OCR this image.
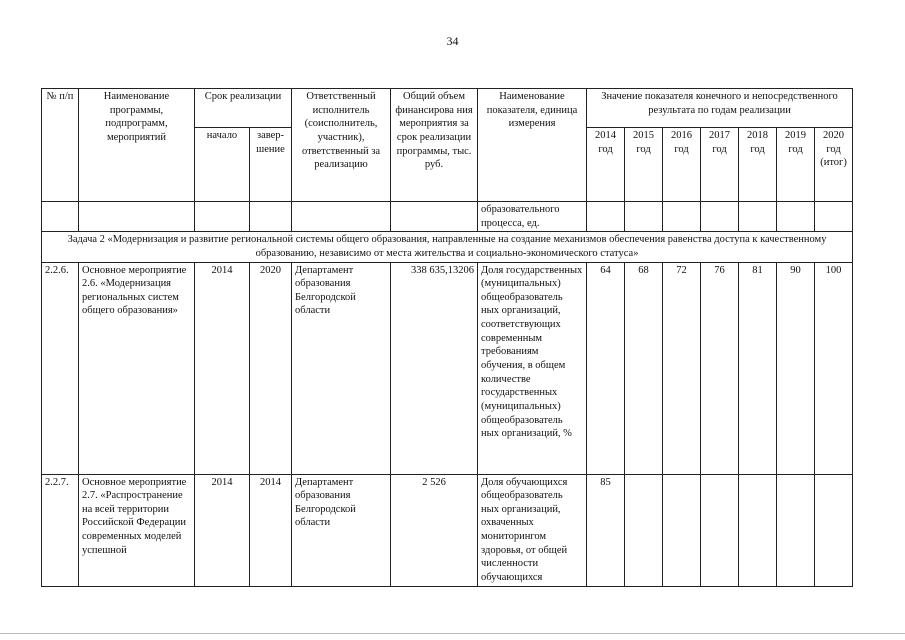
34
№ п/п	Наименование программы, подпрограмм, мероприятий	Срок реализации		Ответственный исполнитель (соисполнитель, участник), ответственный за реализацию	Общий объем финансирова ния мероприятия за срок реализации программы, тыс. руб.	Наименование показателя, единица измерения	Значение показателя конечного и непосредственного результата по годам реализации						
		начало	завер-шение				2014 год	2015 год	2016 год	2017 год	2018 год	2019 год	2020 год (итог)
						образовательного процесса, ед.							
Задача 2 «Модернизация и развитие региональной системы общего образования, направленные на создание механизмов обеспечения равенства доступа к качественному образованию, независимо от места жительства и социально-экономического статуса»													
2.2.6.	Основное мероприятие 2.6. «Модернизация региональных систем общего образования»	2014	2020	Департамент образования Белгородской области	338 635,13206	Доля государственных (муниципальных) общеобразователь ных организаций, соответствующих современным требованиям обучения, в общем количестве государственных (муниципальных) общеобразователь ных организаций, %	64	68	72	76	81	90	100
2.2.7.	Основное мероприятие 2.7. «Распространение на всей территории Российской Федерации современных моделей успешной	2014	2014	Департамент образования Белгородской области	2 526	Доля обучающихся общеобразователь ных организаций, охваченных мониторингом здоровья, от общей численности обучающихся	85						
